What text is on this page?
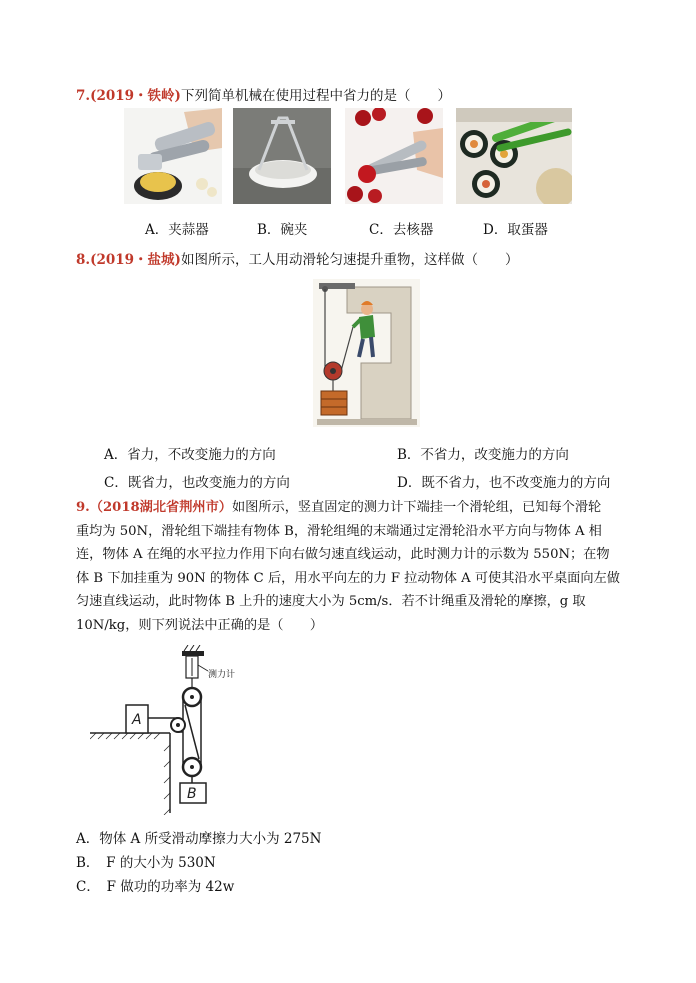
7.(2019・铁岭)下列简单机械在使用过程中省力的是（　　）
A．夹蒜器	B．碗夹	C．去核器	D．取蛋器
8.(2019・盐城)如图所示，工人用动滑轮匀速提升重物，这样做（　　）
A．省力，不改变施力的方向	B．不省力，改变施力的方向
C．既省力，也改变施力的方向	D．既不省力，也不改变施力的方向
9.（2018湖北省荆州市）如图所示，竖直固定的测力计下端挂一个滑轮组，已知每个滑轮
重均为 50N，滑轮组下端挂有物体 B，滑轮组绳的末端通过定滑轮沿水平方向与物体 A 相
连，物体 A 在绳的水平拉力作用下向右做匀速直线运动，此时测力计的示数为 550N；在物
体 B 下加挂重为 90N 的物体 C 后，用水平向左的力 F 拉动物体 A 可使其沿水平桌面向左做
匀速直线运动，此时物体 B 上升的速度大小为 5cm/s．若不计绳重及滑轮的摩擦，g 取
10N/kg，则下列说法中正确的是（　　）
测力计
A
B
A．物体 A 所受滑动摩擦力大小为 275N
B．　F 的大小为 530N
C．　F 做功的功率为 42w
